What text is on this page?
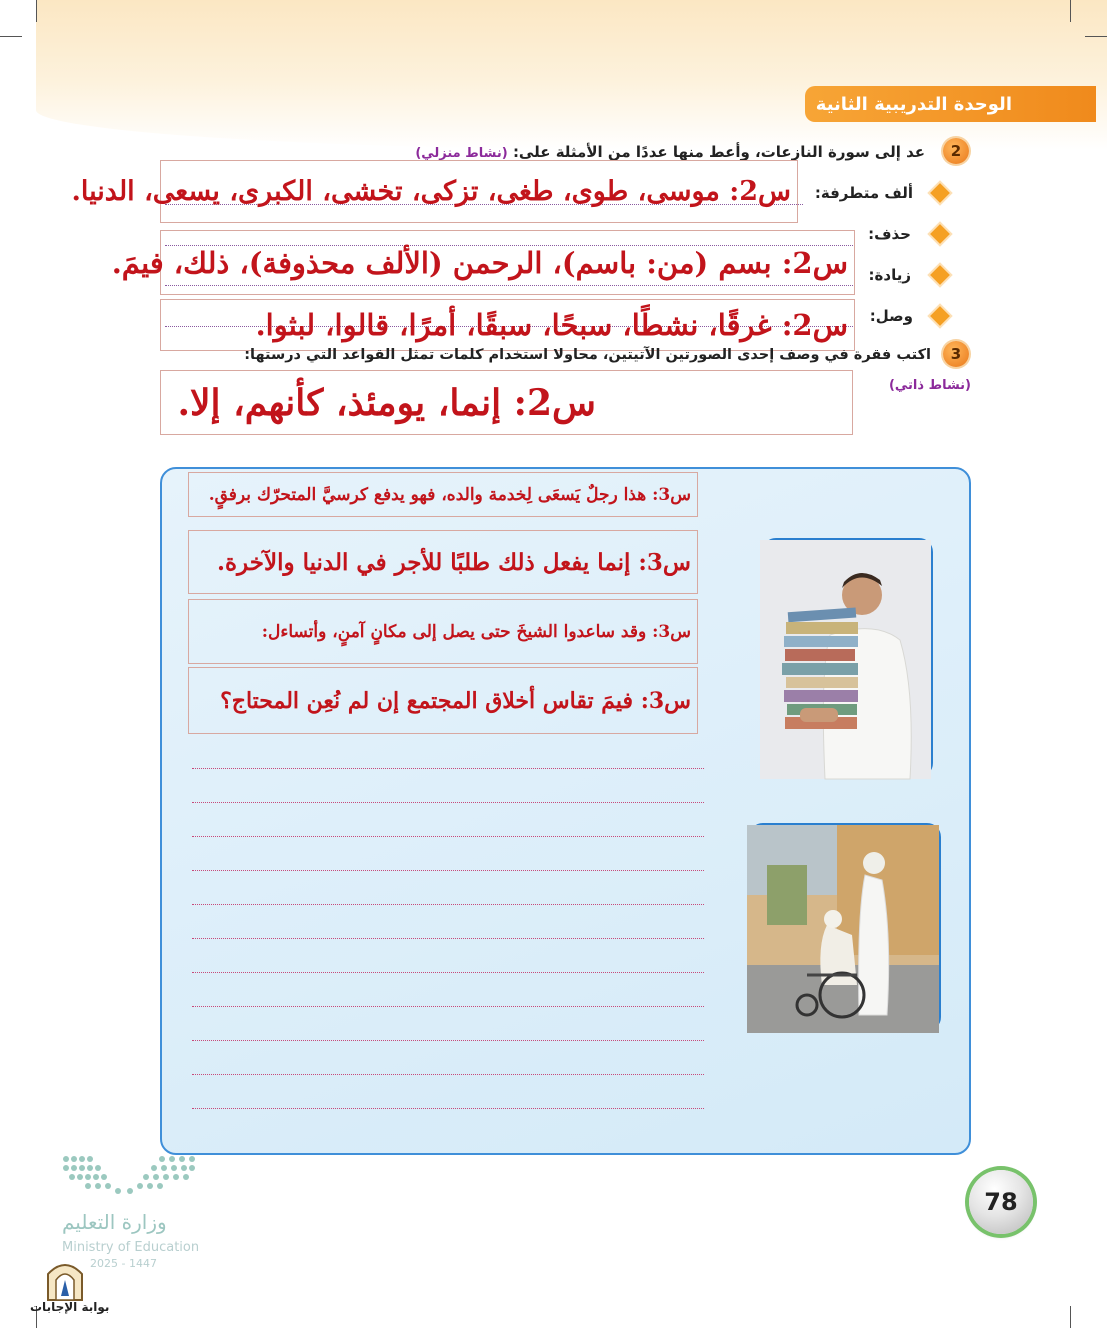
الوحدة التدريبية الثانية
2
عد إلى سورة النازعات، وأعط منها عددًا من الأمثلة على: (نشاط منزلي)
ألف متطرفة:
س2: موسى، طوى، طغى، تزكى، تخشى، الكبرى، يسعى، الدنيا.
حذف:
زيادة:
س2: بسم (من: باسم)، الرحمن (الألف محذوفة)، ذلك، فيمَ.
وصل:
س2: غرقًا، نشطًا، سبحًا، سبقًا، أمرًا، قالوا، لبثوا.
3
اكتب فقرة في وصف إحدى الصورتين الآتيتين، محاولا استخدام كلمات تمثل القواعد التي درستها:
(نشاط ذاتي)
س2: إنما، يومئذ، كأنهم، إلا.
س3: هذا رجلٌ يَسعَى لِخدمة والده، فهو يدفع كرسيَّ المتحرّك برفقٍ.
س3: إنما يفعل ذلك طلبًا للأجر في الدنيا والآخرة.
س3: وقد ساعدوا الشيخَ حتى يصل إلى مكانٍ آمنٍ، وأتساءل:
س3: فيمَ تقاس أخلاق المجتمع إن لم نُعِن المحتاج؟
78
وزارة التعليم
Ministry of Education
2025 - 1447
بوابة الإجابات
